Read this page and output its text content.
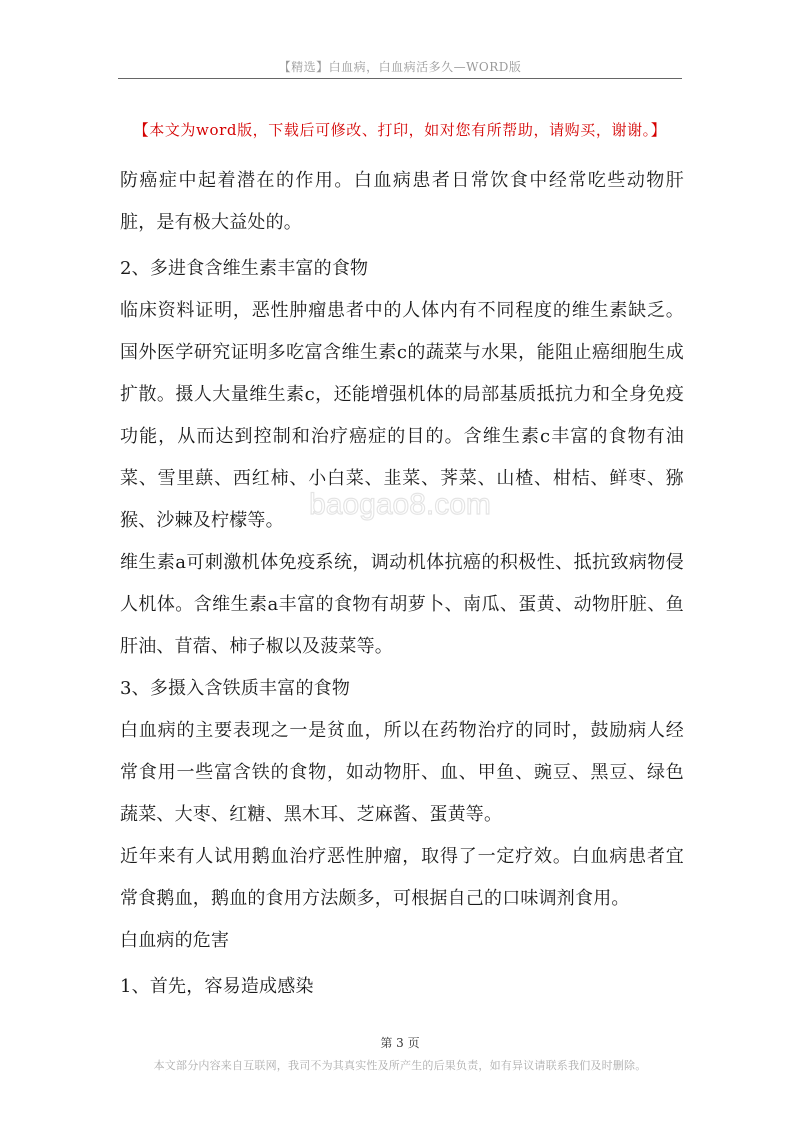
【精选】白血病，白血病活多久—WORD版
【本文为word版，下载后可修改、打印，如对您有所帮助，请购买，谢谢。】
baogao8.com

防癌症中起着潜在的作用。白血病患者日常饮食中经常吃些动物肝脏，是有极大益处的。

2、多进食含维生素丰富的食物

临床资料证明，恶性肿瘤患者中的人体内有不同程度的维生素缺乏。国外医学研究证明多吃富含维生素c的蔬菜与水果，能阻止癌细胞生成扩散。摄人大量维生素c，还能增强机体的局部基质抵抗力和全身免疫功能，从而达到控制和治疗癌症的目的。含维生素c丰富的食物有油菜、雪里蕻、西红柿、小白菜、韭菜、荠菜、山楂、柑桔、鲜枣、猕猴、沙棘及柠檬等。

维生素a可刺激机体免疫系统，调动机体抗癌的积极性、抵抗致病物侵人机体。含维生素a丰富的食物有胡萝卜、南瓜、蛋黄、动物肝脏、鱼肝油、苜蓿、柿子椒以及菠菜等。

3、多摄入含铁质丰富的食物

白血病的主要表现之一是贫血，所以在药物治疗的同时，鼓励病人经常食用一些富含铁的食物，如动物肝、血、甲鱼、豌豆、黑豆、绿色蔬菜、大枣、红糖、黑木耳、芝麻酱、蛋黄等。

近年来有人试用鹅血治疗恶性肿瘤，取得了一定疗效。白血病患者宜常食鹅血，鹅血的食用方法颇多，可根据自己的口味调剂食用。

白血病的危害

1、首先，容易造成感染

第 3 页
本文部分内容来自互联网，我司不为其真实性及所产生的后果负责，如有异议请联系我们及时删除。
